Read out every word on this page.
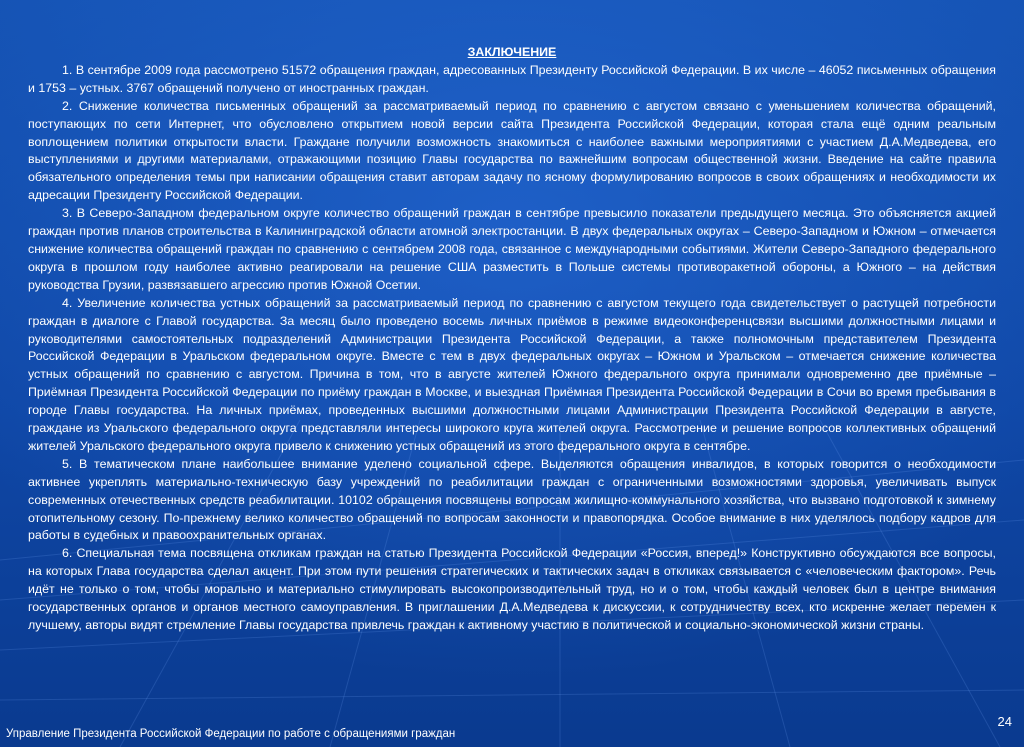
ЗАКЛЮЧЕНИЕ

1. В сентябре 2009 года рассмотрено 51572 обращения граждан, адресованных Президенту Российской Федерации. В их числе – 46052 письменных обращения и 1753 – устных. 3767 обращений получено от иностранных граждан.

2. Снижение количества письменных обращений за рассматриваемый период по сравнению с августом связано с уменьшением количества обращений, поступающих по сети Интернет, что обусловлено открытием новой версии сайта Президента Российской Федерации, которая стала ещё одним реальным воплощением политики открытости власти. Граждане получили возможность знакомиться с наиболее важными мероприятиями с участием Д.А.Медведева, его выступлениями и другими материалами, отражающими позицию Главы государства по важнейшим вопросам общественной жизни. Введение на сайте правила обязательного определения темы при написании обращения ставит авторам задачу по ясному формулированию вопросов в своих обращениях и необходимости их адресации Президенту Российской Федерации.

3. В Северо-Западном федеральном округе количество обращений граждан в сентябре превысило показатели предыдущего месяца. Это объясняется акцией граждан против планов строительства в Калининградской области атомной электростанции. В двух федеральных округах – Северо-Западном и Южном – отмечается снижение количества обращений граждан по сравнению с сентябрем 2008 года, связанное с международными событиями. Жители Северо-Западного федерального округа в прошлом году наиболее активно реагировали на решение США разместить в Польше системы противоракетной обороны, а Южного – на действия руководства Грузии, развязавшего агрессию против Южной Осетии.

4. Увеличение количества устных обращений за рассматриваемый период по сравнению с августом текущего года свидетельствует о растущей потребности граждан в диалоге с Главой государства. За месяц было проведено восемь личных приёмов в режиме видеоконференцсвязи высшими должностными лицами и руководителями самостоятельных подразделений Администрации Президента Российской Федерации, а также полномочным представителем Президента Российской Федерации в Уральском федеральном округе. Вместе с тем в двух федеральных округах – Южном и Уральском – отмечается снижение количества устных обращений по сравнению с августом. Причина в том, что в августе жителей Южного федерального округа принимали одновременно две приёмные – Приёмная Президента Российской Федерации по приёму граждан в Москве, и выездная Приёмная Президента Российской Федерации в Сочи во время пребывания в городе Главы государства. На личных приёмах, проведенных высшими должностными лицами Администрации Президента Российской Федерации в августе, граждане из Уральского федерального округа представляли интересы широкого круга жителей округа. Рассмотрение и решение вопросов коллективных обращений жителей Уральского федерального округа привело к снижению устных обращений из этого федерального округа в сентябре.

5. В тематическом плане наибольшее внимание уделено социальной сфере. Выделяются обращения инвалидов, в которых говорится о необходимости активнее укреплять материально-техническую базу учреждений по реабилитации граждан с ограниченными возможностями здоровья, увеличивать выпуск современных отечественных средств реабилитации. 10102 обращения посвящены вопросам жилищно-коммунального хозяйства, что вызвано подготовкой к зимнему отопительному сезону. По-прежнему велико количество обращений по вопросам законности и правопорядка. Особое внимание в них уделялось подбору кадров для работы в судебных и правоохранительных органах.

6. Специальная тема посвящена откликам граждан на статью Президента Российской Федерации «Россия, вперед!» Конструктивно обсуждаются все вопросы, на которых Глава государства сделал акцент. При этом пути решения стратегических и тактических задач в откликах связывается с «человеческим фактором». Речь идёт не только о том, чтобы морально и материально стимулировать высокопроизводительный труд, но и о том, чтобы каждый человек был в центре внимания государственных органов и органов местного самоуправления. В приглашении Д.А.Медведева к дискуссии, к сотрудничеству всех, кто искренне желает перемен к лучшему, авторы видят стремление Главы государства привлечь граждан к активному участию в политической и социально-экономической жизни страны.

Управление Президента Российской Федерации по работе с обращениями граждан
24
